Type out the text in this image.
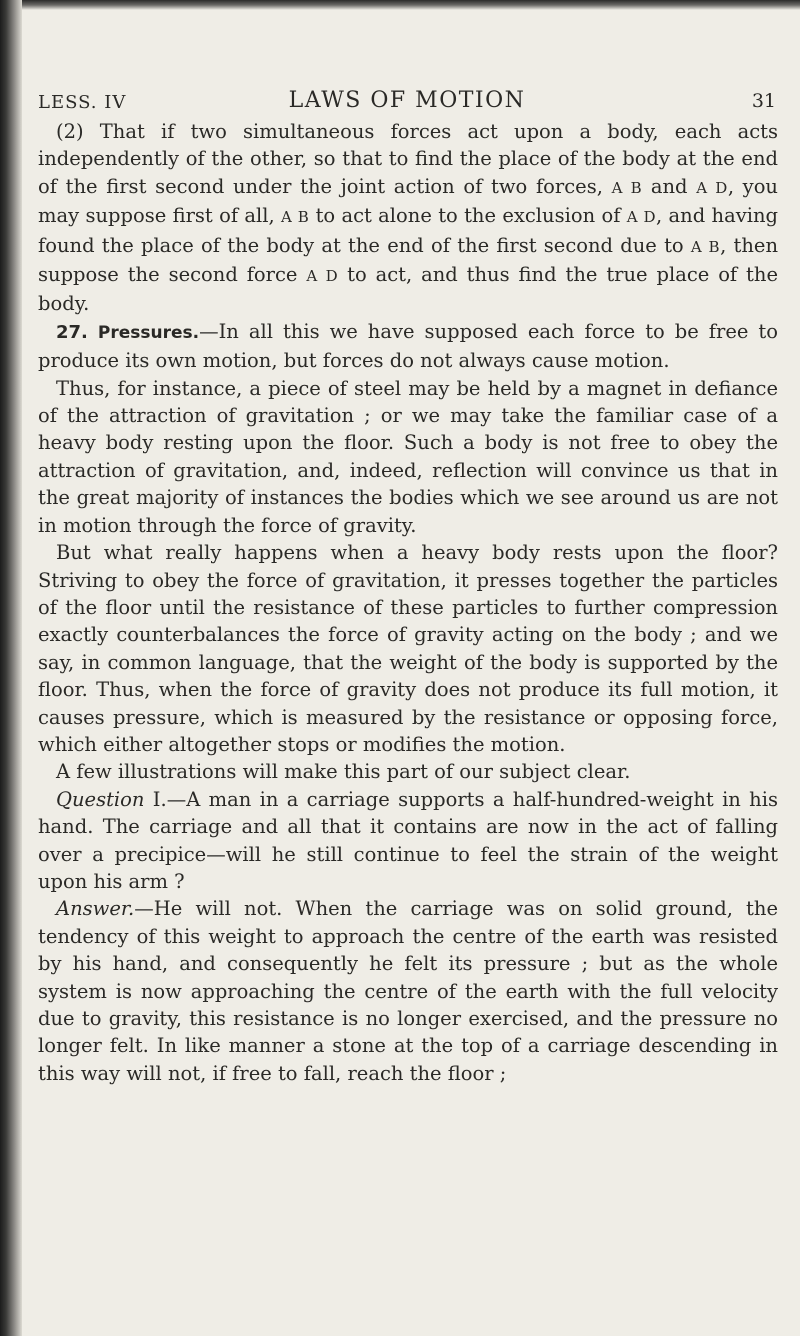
LESS. IV	LAWS OF MOTION	31

(2) That if two simultaneous forces act upon a body, each acts independently of the other, so that to find the place of the body at the end of the first second under the joint action of two forces, A B and A D, you may suppose first of all, A B to act alone to the exclusion of A D, and having found the place of the body at the end of the first second due to A B, then suppose the second force A D to act, and thus find the true place of the body.

27. Pressures.—In all this we have supposed each force to be free to produce its own motion, but forces do not always cause motion.

Thus, for instance, a piece of steel may be held by a magnet in defiance of the attraction of gravitation ; or we may take the familiar case of a heavy body resting upon the floor. Such a body is not free to obey the attraction of gravitation, and, indeed, reflection will convince us that in the great majority of instances the bodies which we see around us are not in motion through the force of gravity.

But what really happens when a heavy body rests upon the floor? Striving to obey the force of gravitation, it presses together the particles of the floor until the resistance of these particles to further compression exactly counterbalances the force of gravity acting on the body ; and we say, in common language, that the weight of the body is supported by the floor. Thus, when the force of gravity does not produce its full motion, it causes pressure, which is measured by the resistance or opposing force, which either altogether stops or modifies the motion.

A few illustrations will make this part of our subject clear.

Question I.—A man in a carriage supports a half-hundred-weight in his hand. The carriage and all that it contains are now in the act of falling over a precipice—will he still continue to feel the strain of the weight upon his arm ?

Answer.—He will not. When the carriage was on solid ground, the tendency of this weight to approach the centre of the earth was resisted by his hand, and consequently he felt its pressure ; but as the whole system is now approaching the centre of the earth with the full velocity due to gravity, this resistance is no longer exercised, and the pressure no longer felt. In like manner a stone at the top of a carriage descending in this way will not, if free to fall, reach the floor ;
